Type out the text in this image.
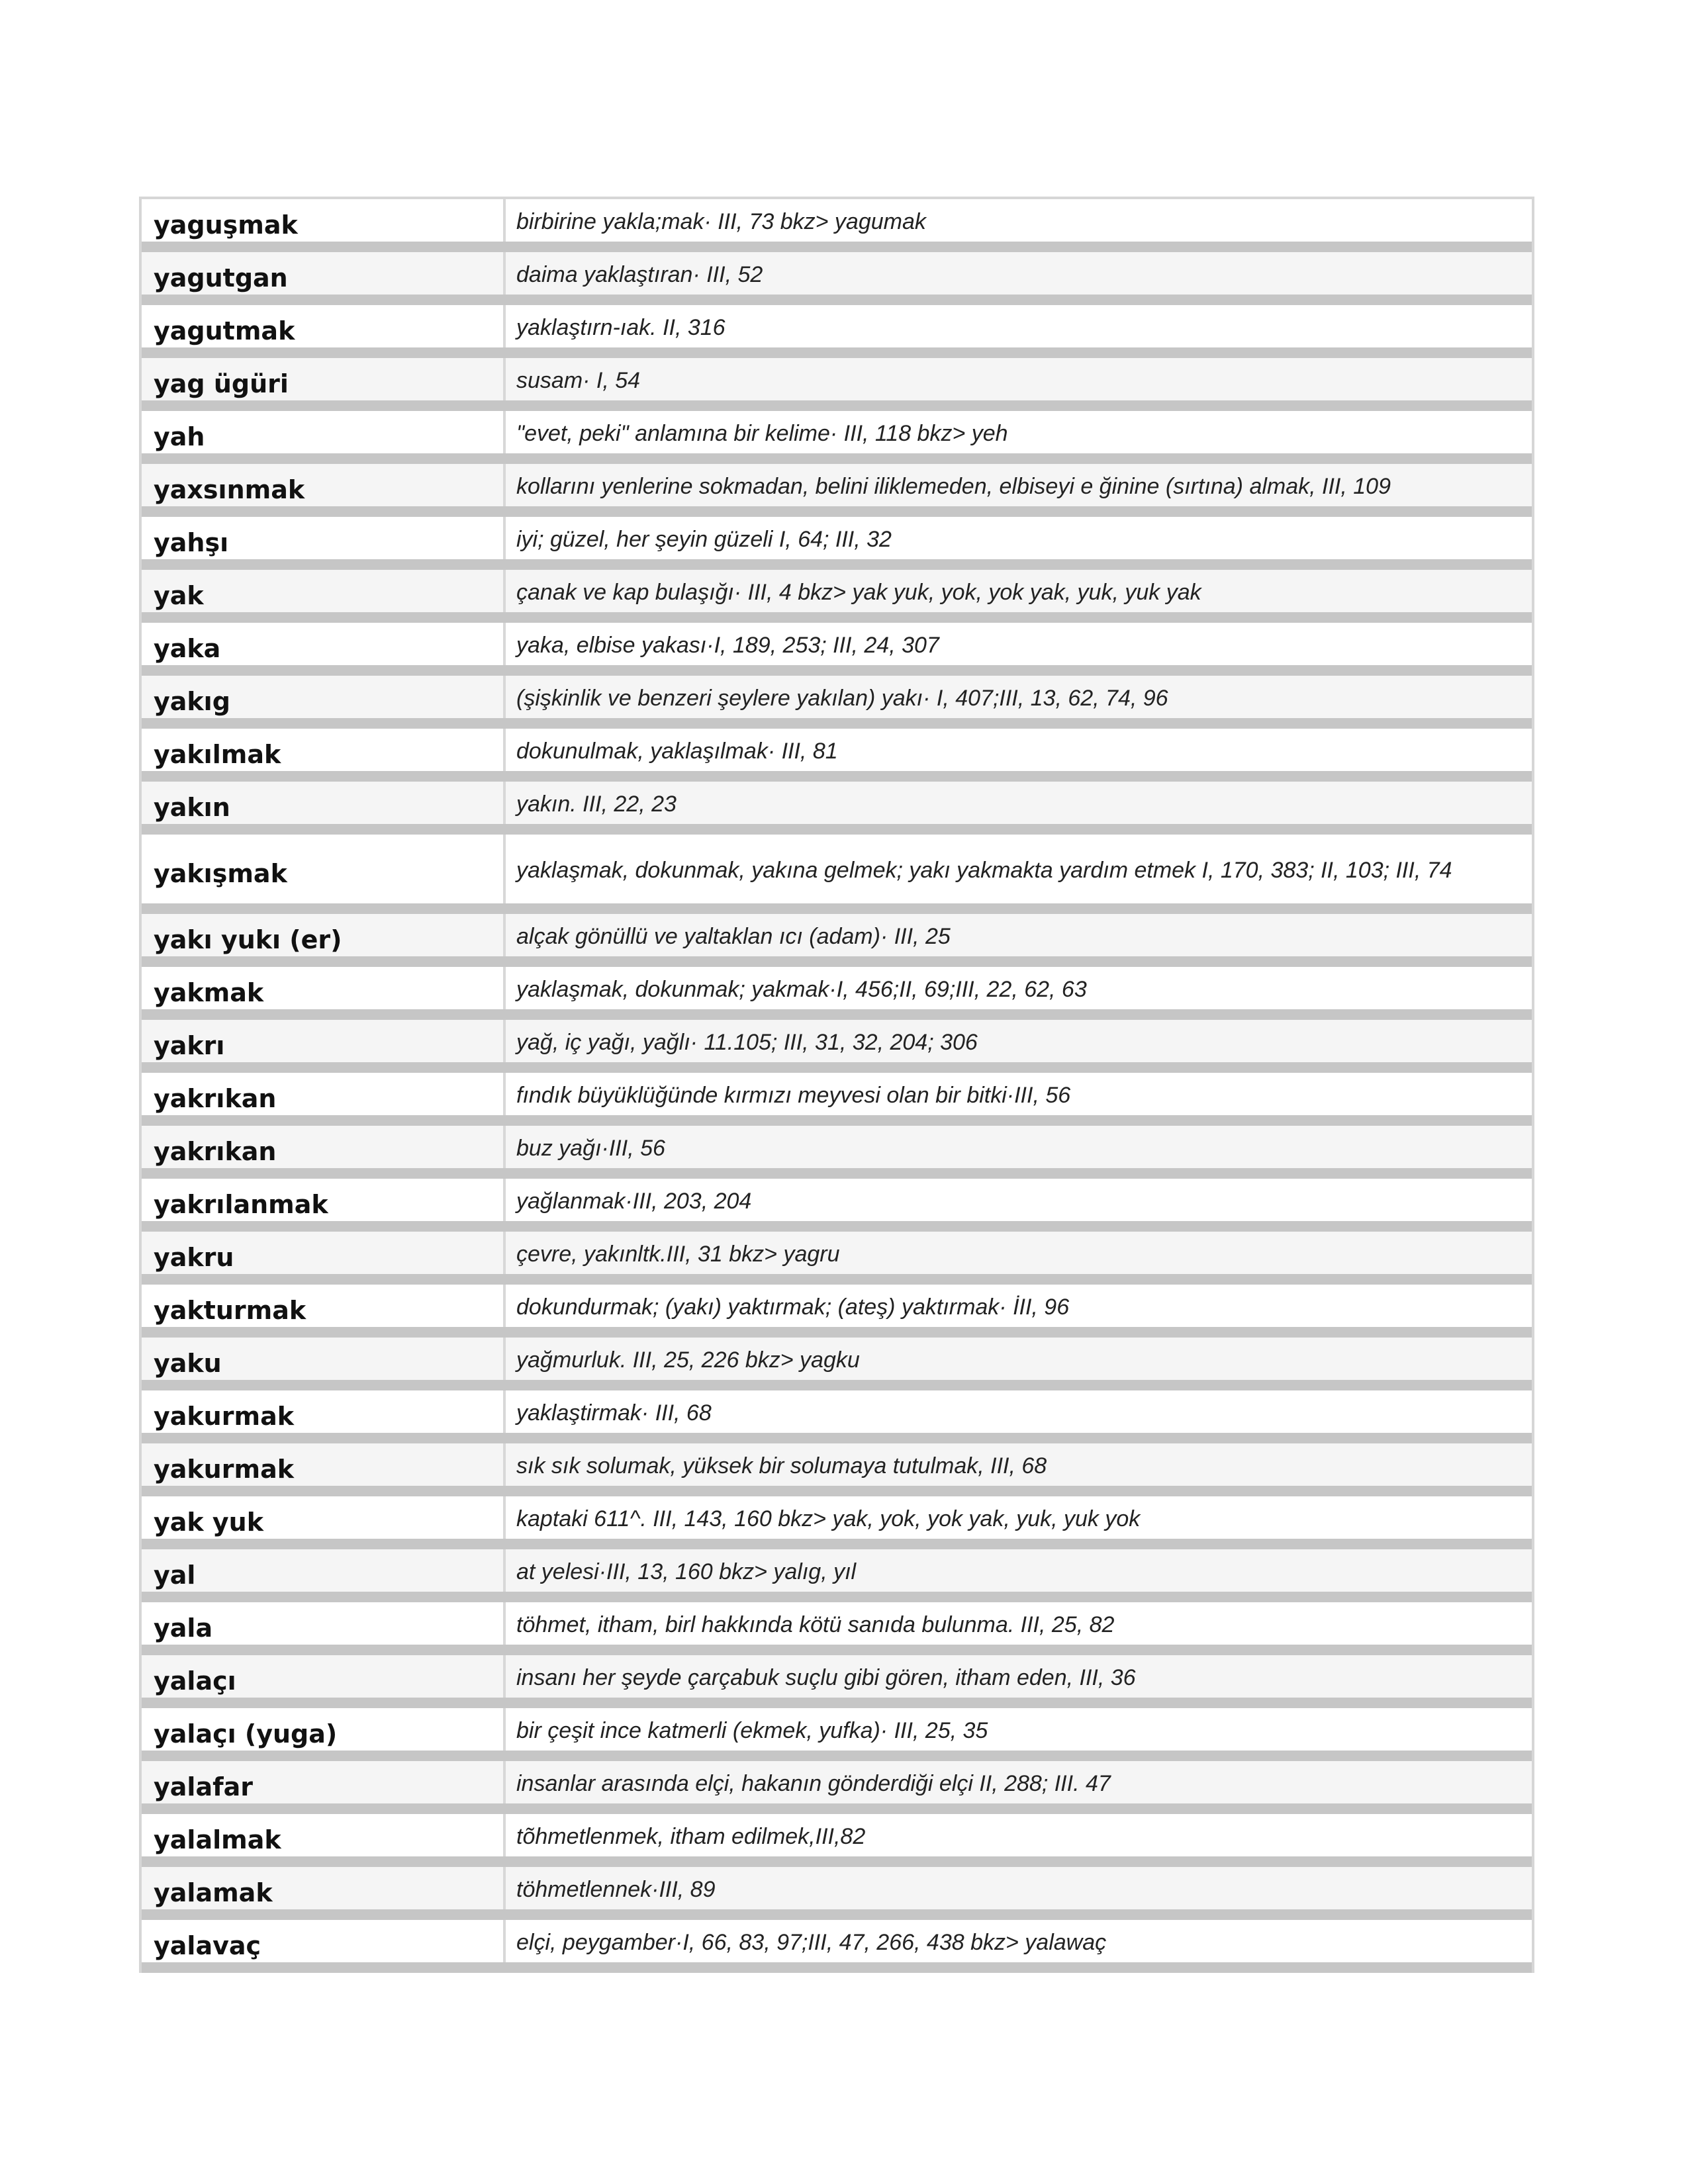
yaguşmak	birbirine yakla;mak· III, 73 bkz> yagumak
yagutgan	daima yaklaştıran· III, 52
yagutmak	yaklaştırn-ıak. II, 316
yag ügüri	susam· I, 54
yah	"evet, peki" anlamına bir kelime· III, 118 bkz> yeh
yaxsınmak	kollarını yenlerine sokmadan, belini iliklemeden, elbiseyi e ğinine (sırtına) almak, III, 109
yahşı	iyi; güzel, her şeyin güzeli I, 64; III, 32
yak	çanak ve kap bulaşığı· III, 4 bkz> yak yuk, yok, yok yak, yuk, yuk yak
yaka	yaka, elbise yakası·I, 189, 253; III, 24, 307
yakıg	(şişkinlik ve benzeri şeylere yakılan) yakı· I, 407;III, 13, 62, 74, 96
yakılmak	dokunulmak, yaklaşılmak· III, 81
yakın	yakın. III, 22, 23
yakışmak	yaklaşmak, dokunmak, yakına gelmek; yakı yakmakta yardım etmek I, 170, 383; II, 103; III, 74
yakı yukı (er)	alçak gönüllü ve yaltaklan ıcı (adam)· III, 25
yakmak	yaklaşmak, dokunmak; yakmak·I, 456;II, 69;III, 22, 62, 63
yakrı	yağ, iç yağı, yağlı· 11.105; III, 31, 32, 204; 306
yakrıkan	fındık büyüklüğünde kırmızı meyvesi olan bir bitki·III, 56
yakrıkan	buz yağı·III, 56
yakrılanmak	yağlanmak·III, 203, 204
yakru	çevre, yakınltk.III, 31 bkz> yagru
yakturmak	dokundurmak; (yakı) yaktırmak; (ateş) yaktırmak· İII, 96
yaku	yağmurluk. III, 25, 226 bkz> yagku
yakurmak	yaklaştirmak· III, 68
yakurmak	sık sık solumak, yüksek bir solumaya tutulmak, III, 68
yak yuk	kaptaki 611^. III, 143, 160 bkz> yak, yok, yok yak, yuk, yuk yok
yal	at yelesi·III, 13, 160 bkz> yalıg, yıl
yala	töhmet, itham, birl hakkında kötü sanıda bulunma. III, 25, 82
yalaçı	insanı her şeyde çarçabuk suçlu gibi gören, itham eden, III, 36
yalaçı (yuga)	bir çeşit ince katmerli (ekmek, yufka)· III, 25, 35
yalafar	insanlar arasında elçi, hakanın gönderdiği elçi II, 288; III. 47
yalalmak	tõhmetlenmek, itham edilmek,III,82
yalamak	töhmetlennek·III, 89
yalavaç	elçi, peygamber·I, 66, 83, 97;III, 47, 266, 438 bkz> yalawaç
